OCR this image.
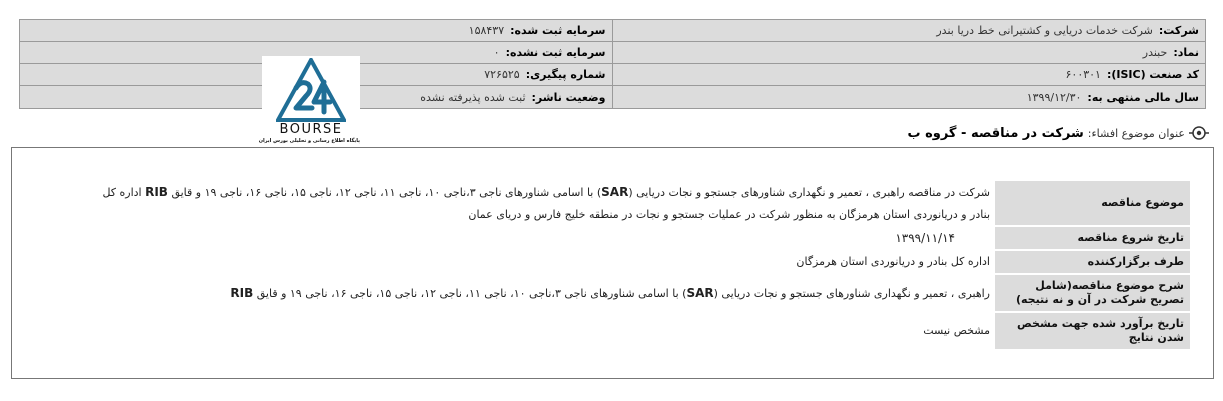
شرکت:
شرکت خدمات دریایی و کشتیرانی خط دریا بندر
سرمایه ثبت شده:
۱۵۸۴۳۷
نماد:
حبندر
سرمایه ثبت نشده:
۰
کد صنعت (ISIC):
۶۰۰۳۰۱
شماره پیگیری:
۷۲۶۵۲۵
سال مالی منتهی به:
۱۳۹۹/۱۲/۳۰
وضعیت ناشر:
ثبت شده پذیرفته نشده
BOURSE
پایگاه اطلاع رسانی و تحلیلی بورس ایران
عنوان موضوع افشاء:
شرکت در مناقصه - گروه ب
موضوع مناقصه	شرکت در مناقصه راهبری ، تعمیر و نگهداری شناورهای جستجو و نجات دریایی (SAR) با اسامی شناورهای ناجی ۳،ناجی ۱۰، ناجی ۱۱، ناجی ۱۲، ناجی ۱۵، ناجی ۱۶، ناجی ۱۹ و قایق RIB اداره کل بنادر و دریانوردی استان هرمزگان به منظور شرکت در عملیات جستجو و نجات در منطقه خلیج فارس و دریای عمان
تاریخ شروع مناقصه	۱۳۹۹/۱۱/۱۴
طرف برگزارکننده	اداره کل بنادر و دریانوردی استان هرمزگان
شرح موضوع مناقصه(شامل تصریح شرکت در آن و نه نتیجه)	راهبری ، تعمیر و نگهداری شناورهای جستجو و نجات دریایی (SAR) با اسامی شناورهای ناجی ۳،ناجی ۱۰، ناجی ۱۱، ناجی ۱۲، ناجی ۱۵، ناجی ۱۶، ناجی ۱۹ و قایق RIB
تاریخ برآورد شده جهت مشخص شدن نتایج	مشخص نیست
